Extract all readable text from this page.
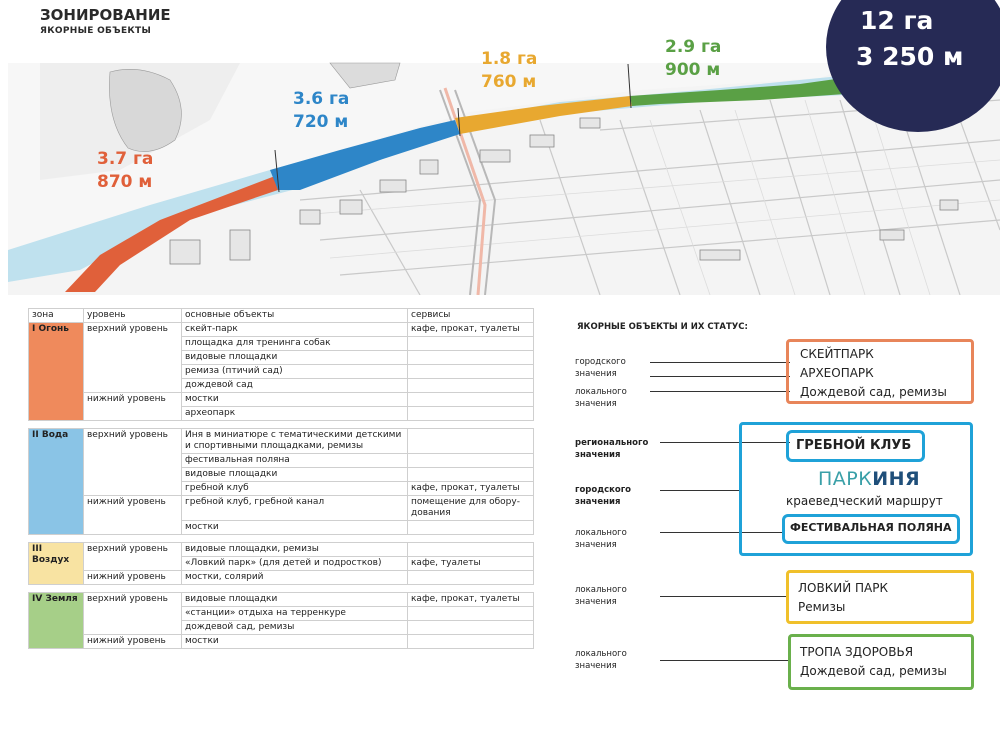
ЗОНИРОВАНИЕ
ЯКОРНЫЕ ОБЪЕКТЫ
3.7 га
870 м
3.6 га
720 м
1.8 га
760 м
2.9 га
900 м
12 га
3 250 м
зона	уровень	основные объекты	сервисы
I Огонь	верхний уровень	скейт-парк	кафе, прокат, туалеты
		площадка для тренинга собак	
		видовые площадки	
		ремиза (птичий сад)	
		дождевой сад	
	нижний уровень	мостки	
		археопарк	

II Вода	верхний уровень	Иня в миниатюре с тематическими детскими и спортивными площадками, ремизы	
		фестивальная поляна	
		видовые площадки	
		гребной клуб	кафе, прокат, туалеты
	нижний уровень	гребной клуб, гребной канал	помещение для обору-дования
		мостки	

III Воздух	верхний уровень	видовые площадки, ремизы	
		«Ловкий парк» (для детей и подростков)	кафе, туалеты
	нижний уровень	мостки, солярий	

IV Земля	верхний уровень	видовые площадки	кафе, прокат, туалеты
		«станции» отдыха на терренкуре	
		дождевой сад, ремизы	
	нижний уровень	мостки	
ЯКОРНЫЕ ОБЪЕКТЫ И ИХ СТАТУС:
городского значения
локального значения
СКЕЙТПАРК
АРХЕОПАРК
Дождевой сад, ремизы
регионального значения
городского значения
локального значения
ГРЕБНОЙ КЛУБ
ПАРКИНЯ
краеведческий маршрут
ФЕСТИВАЛЬНАЯ ПОЛЯНА
локального значения
ЛОВКИЙ ПАРК
Ремизы
локального значения
ТРОПА ЗДОРОВЬЯ
Дождевой сад, ремизы
